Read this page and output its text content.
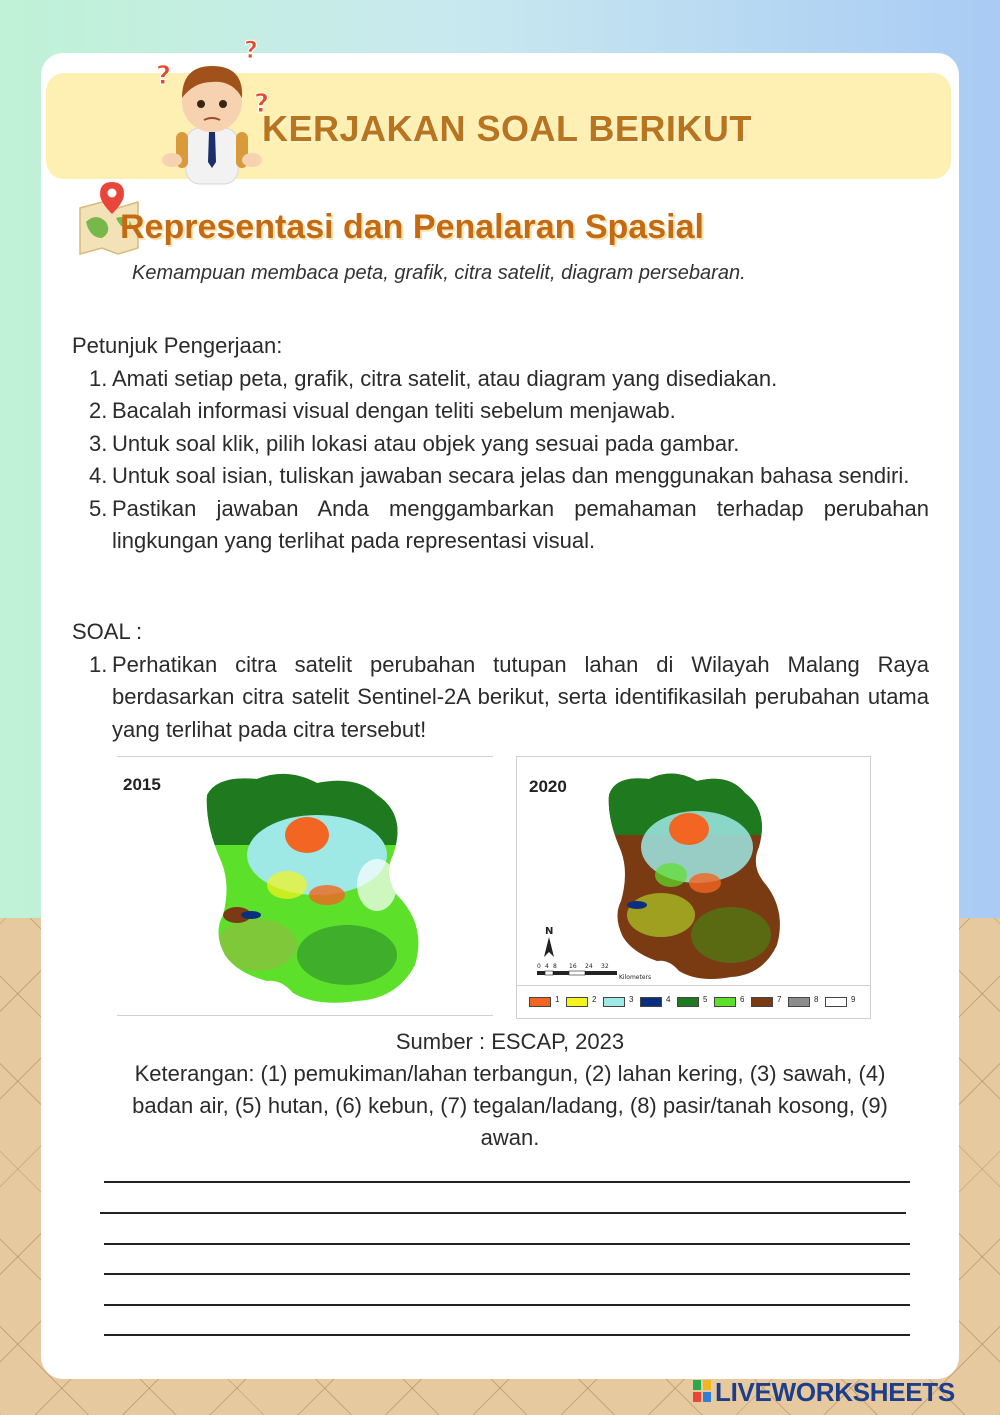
?
?
?
KERJAKAN SOAL BERIKUT
Representasi dan Penalaran Spasial
Kemampuan membaca peta, grafik, citra satelit, diagram persebaran.
Petunjuk Pengerjaan:
1. Amati setiap peta, grafik, citra satelit, atau diagram yang disediakan.
2. Bacalah informasi visual dengan teliti sebelum menjawab.
3. Untuk soal klik, pilih lokasi atau objek yang sesuai pada gambar.
4. Untuk soal isian, tuliskan jawaban secara jelas dan menggunakan bahasa sendiri.
5. Pastikan jawaban Anda menggambarkan pemahaman terhadap perubahan lingkungan yang terlihat pada representasi visual.
SOAL :
1. Perhatikan citra satelit perubahan tutupan lahan di Wilayah Malang Raya berdasarkan citra satelit Sentinel-2A berikut, serta identifikasilah perubahan utama yang terlihat pada citra tersebut!
2015	2020
N
0 4 8 16 24 32
Kilometers
1	2	3	4	5	6	7	8	9
Sumber : ESCAP, 2023
Keterangan: (1) pemukiman/lahan terbangun, (2) lahan kering, (3) sawah, (4) badan air, (5) hutan, (6) kebun, (7) tegalan/ladang, (8) pasir/tanah kosong, (9) awan.
LIVEWORKSHEETS
